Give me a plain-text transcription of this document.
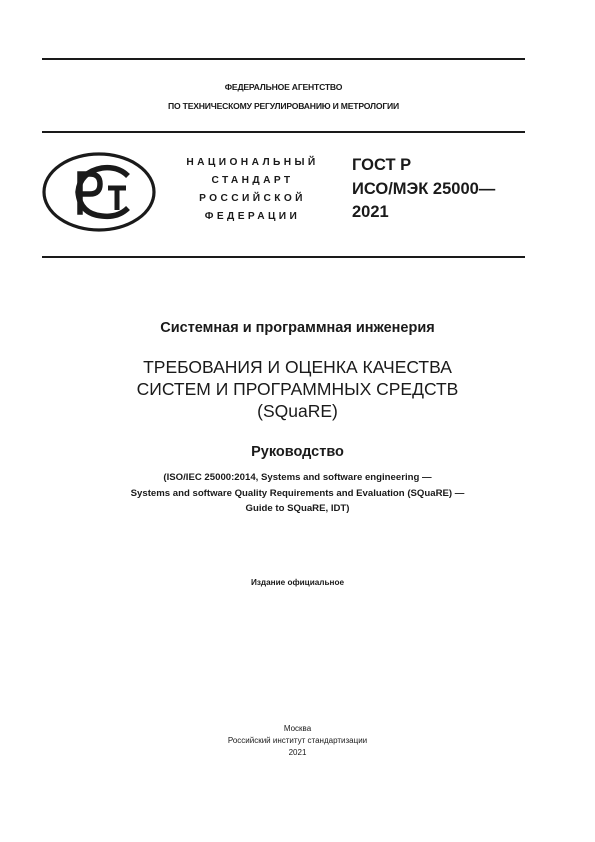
ФЕДЕРАЛЬНОЕ АГЕНТСТВО
ПО ТЕХНИЧЕСКОМУ РЕГУЛИРОВАНИЮ И МЕТРОЛОГИИ
НАЦИОНАЛЬНЫЙ
СТАНДАРТ
РОССИЙСКОЙ
ФЕДЕРАЦИИ
ГОСТ Р
ИСО/МЭК 25000—
2021
Системная и программная инженерия
ТРЕБОВАНИЯ И ОЦЕНКА КАЧЕСТВА
СИСТЕМ И ПРОГРАММНЫХ СРЕДСТВ
(SQuaRE)
Руководство
(ISO/IEC 25000:2014, Systems and software engineering —
Systems and software Quality Requirements and Evaluation (SQuaRE) —
Guide to SQuaRE, IDT)
Издание официальное
Москва
Российский институт стандартизации
2021
